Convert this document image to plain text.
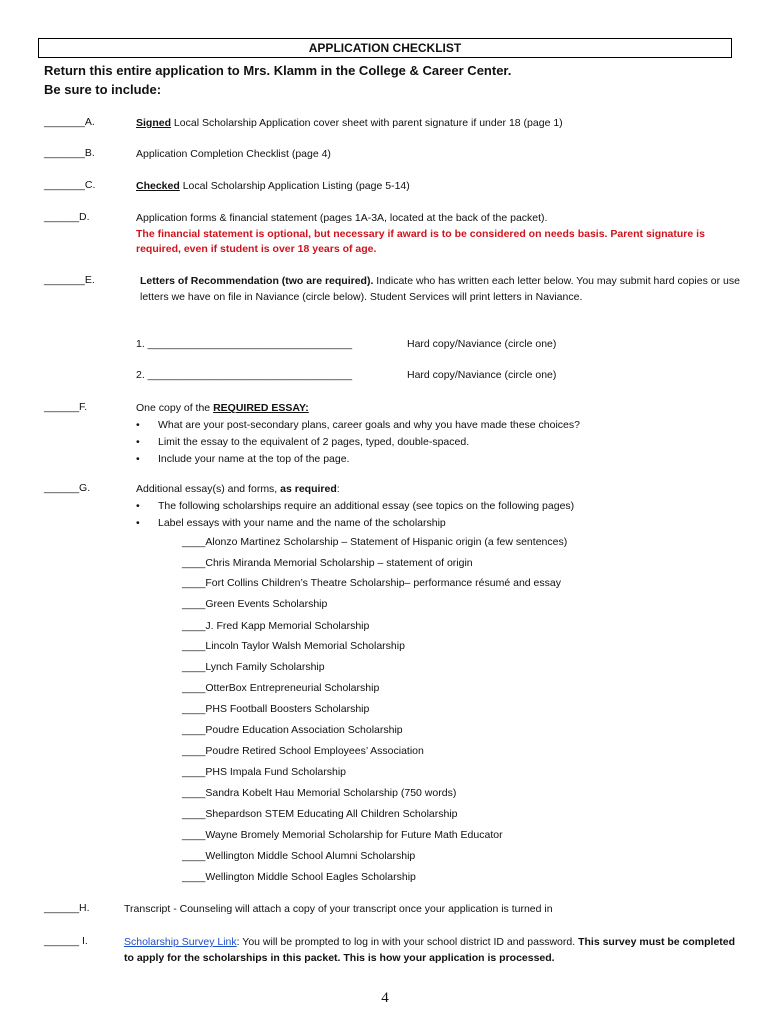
APPLICATION CHECKLIST
Return this entire application to Mrs. Klamm in the College & Career Center.
Be sure to include:
_______A.	Signed Local Scholarship Application cover sheet with parent signature if under 18 (page 1)
_______B.	Application Completion Checklist (page 4)
_______C.	Checked Local Scholarship Application Listing (page 5-14)
______D.	Application forms & financial statement (pages 1A-3A, located at the back of the packet).
The financial statement is optional, but necessary if award is to be considered on needs basis. Parent signature is required, even if student is over 18 years of age.
_______E.	Letters of Recommendation (two are required). Indicate who has written each letter below. You may submit hard copies or use letters we have on file in Naviance (circle below). Student Services will print letters in Naviance.
1. ___________________________________	Hard copy/Naviance (circle one)
2. ___________________________________	Hard copy/Naviance (circle one)
______F.	One copy of the REQUIRED ESSAY:
• What are your post-secondary plans, career goals and why you have made these choices?
• Limit the essay to the equivalent of 2 pages, typed, double-spaced.
• Include your name at the top of the page.
______G.	Additional essay(s) and forms, as required:
• The following scholarships require an additional essay (see topics on the following pages)
• Label essays with your name and the name of the scholarship
____Alonzo Martinez Scholarship – Statement of Hispanic origin (a few sentences)
____Chris Miranda Memorial Scholarship – statement of origin
____Fort Collins Children’s Theatre Scholarship– performance résumé and essay
____Green Events Scholarship
____J. Fred Kapp Memorial Scholarship
____Lincoln Taylor Walsh Memorial Scholarship
____Lynch Family Scholarship
____OtterBox Entrepreneurial Scholarship
____PHS Football Boosters Scholarship
____Poudre Education Association Scholarship
____Poudre Retired School Employees’ Association
____PHS Impala Fund Scholarship
____Sandra Kobelt Hau Memorial Scholarship (750 words)
____Shepardson STEM Educating All Children Scholarship
____Wayne Bromely Memorial Scholarship for Future Math Educator
____Wellington Middle School Alumni Scholarship
____Wellington Middle School Eagles Scholarship
______H.	Transcript - Counseling will attach a copy of your transcript once your application is turned in
______ I.	Scholarship Survey Link: You will be prompted to log in with your school district ID and password. This survey must be completed to apply for the scholarships in this packet. This is how your application is processed.
4
